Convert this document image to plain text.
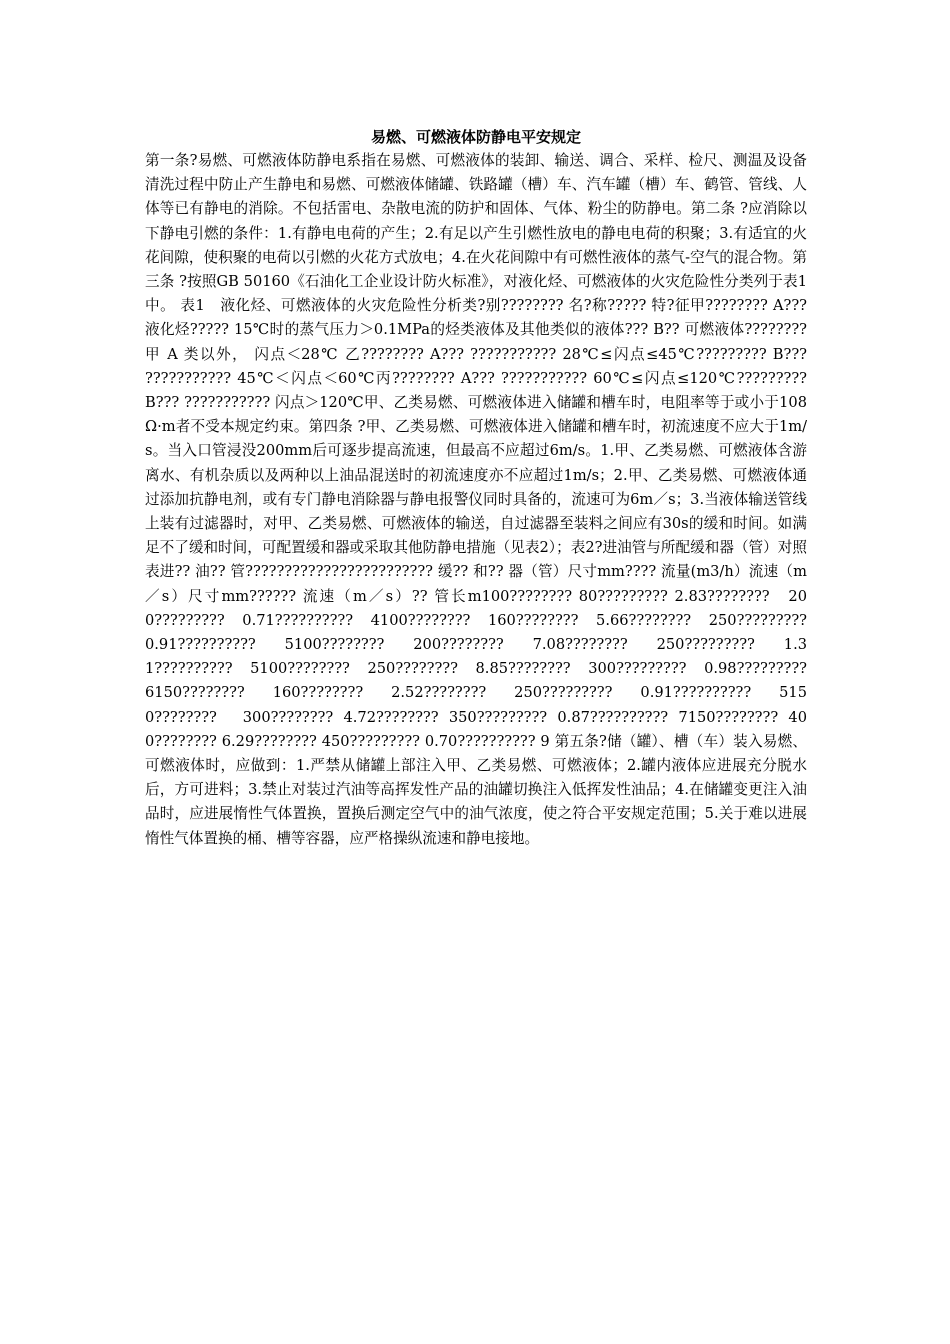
易燃、可燃液体防静电平安规定

第一条?易燃、可燃液体防静电系指在易燃、可燃液体的装卸、输送、调合、采样、检尺、测温及设备清洗过程中防止产生静电和易燃、可燃液体储罐、铁路罐（槽）车、汽车罐（槽）车、鹤管、管线、人体等已有静电的消除。不包括雷电、杂散电流的防护和固体、气体、粉尘的防静电。第二条 ?应消除以下静电引燃的条件：1.有静电电荷的产生；2.有足以产生引燃性放电的静电电荷的积聚；3.有适宜的火花间隙，使积聚的电荷以引燃的火花方式放电；4.在火花间隙中有可燃性液体的蒸气-空气的混合物。第三条 ?按照GB 50160《石油化工企业设计防火标准》，对液化烃、可燃液体的火灾危险性分类列于表1中。 表1　液化烃、可燃液体的火灾危险性分析类?别???????? 名?称????? 特?征甲???????? A??? 液化烃????? 15℃时的蒸气压力＞0.1MPa的烃类液体及其他类似的液体??? B?? 可燃液体????????　甲 A 类以外， 闪点＜28℃ 乙???????? A??? ??????????? 28℃≤闪点≤45℃????????? B??? ??????????? 45℃＜闪点＜60℃丙???????? A??? ??????????? 60℃≤闪点≤120℃????????? B??? ??????????? 闪点＞120℃甲、乙类易燃、可燃液体进入储罐和槽车时，电阻率等于或小于108Ω·m者不受本规定约束。第四条 ?甲、乙类易燃、可燃液体进入储罐和槽车时，初流速度不应大于1m/s。当入口管浸没200mm后可逐步提高流速，但最高不应超过6m/s。1.甲、乙类易燃、可燃液体含游离水、有机杂质以及两种以上油品混送时的初流速度亦不应超过1m/s；2.甲、乙类易燃、可燃液体通过添加抗静电剂，或有专门静电消除器与静电报警仪同时具备的，流速可为6m／s；3.当液体输送管线上装有过滤器时，对甲、乙类易燃、可燃液体的输送，自过滤器至装料之间应有30s的缓和时间。如满足不了缓和时间，可配置缓和器或采取其他防静电措施（见表2）；表2?进油管与所配缓和器（管）对照表进?? 油?? 管???????????????????????? 缓?? 和?? 器（管）尺寸mm???? 流量(m3/h）流速（m／s）尺寸mm?????? 流速（m／s）?? 管长m100???????? 80????????? 2.83????????　200?????????　0.71??????????　4100????????　160????????　5.66????????　250?????????　0.91??????????　5100????????　200????????　7.08????????　250?????????　1.31??????????　5100????????　250????????　8.85????????　300?????????　0.98?????????　6150????????　160????????　2.52????????　250?????????　0.91??????????　5150????????　300???????? 4.72???????? 350????????? 0.87?????????? 7150???????? 400???????? 6.29???????? 450????????? 0.70?????????? 9 第五条?储（罐）、槽（车）装入易燃、可燃液体时，应做到：1.严禁从储罐上部注入甲、乙类易燃、可燃液体；2.罐内液体应进展充分脱水后，方可进料；3.禁止对装过汽油等高挥发性产品的油罐切换注入低挥发性油品；4.在储罐变更注入油品时，应进展惰性气体置换，置换后测定空气中的油气浓度，使之符合平安规定范围；5.关于难以进展惰性气体置换的桶、槽等容器，应严格操纵流速和静电接地。
